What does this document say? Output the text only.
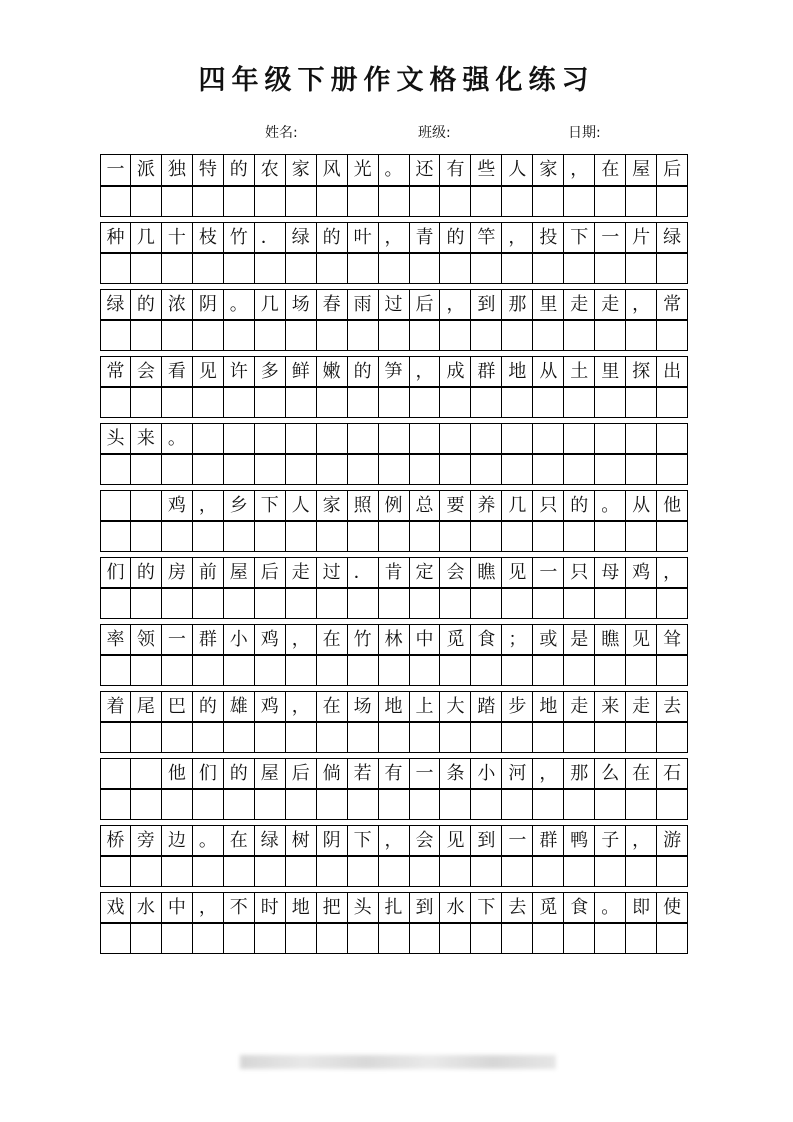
四年级下册作文格强化练习
姓名:	班级:	日期:
一 派 独 特 的 农 家 风 光 。 还 有 些 人 家 ， 在 屋 后
种 几 十 枝 竹 ． 绿 的 叶 ， 青 的 竿 ， 投 下 一 片 绿
绿 的 浓 阴 。 几 场 春 雨 过 后 ， 到 那 里 走 走 ， 常
常 会 看 见 许 多 鲜 嫩 的 笋 ， 成 群 地 从 土 里 探 出
头 来 。
鸡 ， 乡 下 人 家 照 例 总 要 养 几 只 的 。 从 他
们 的 房 前 屋 后 走 过 ． 肯 定 会 瞧 见 一 只 母 鸡 ，
率 领 一 群 小 鸡 ， 在 竹 林 中 觅 食 ； 或 是 瞧 见 耸
着 尾 巴 的 雄 鸡 ， 在 场 地 上 大 踏 步 地 走 来 走 去
他 们 的 屋 后 倘 若 有 一 条 小 河 ， 那 么 在 石
桥 旁 边 。 在 绿 树 阴 下 ， 会 见 到 一 群 鸭 子 ， 游
戏 水 中 ， 不 时 地 把 头 扎 到 水 下 去 觅 食 。 即 使
